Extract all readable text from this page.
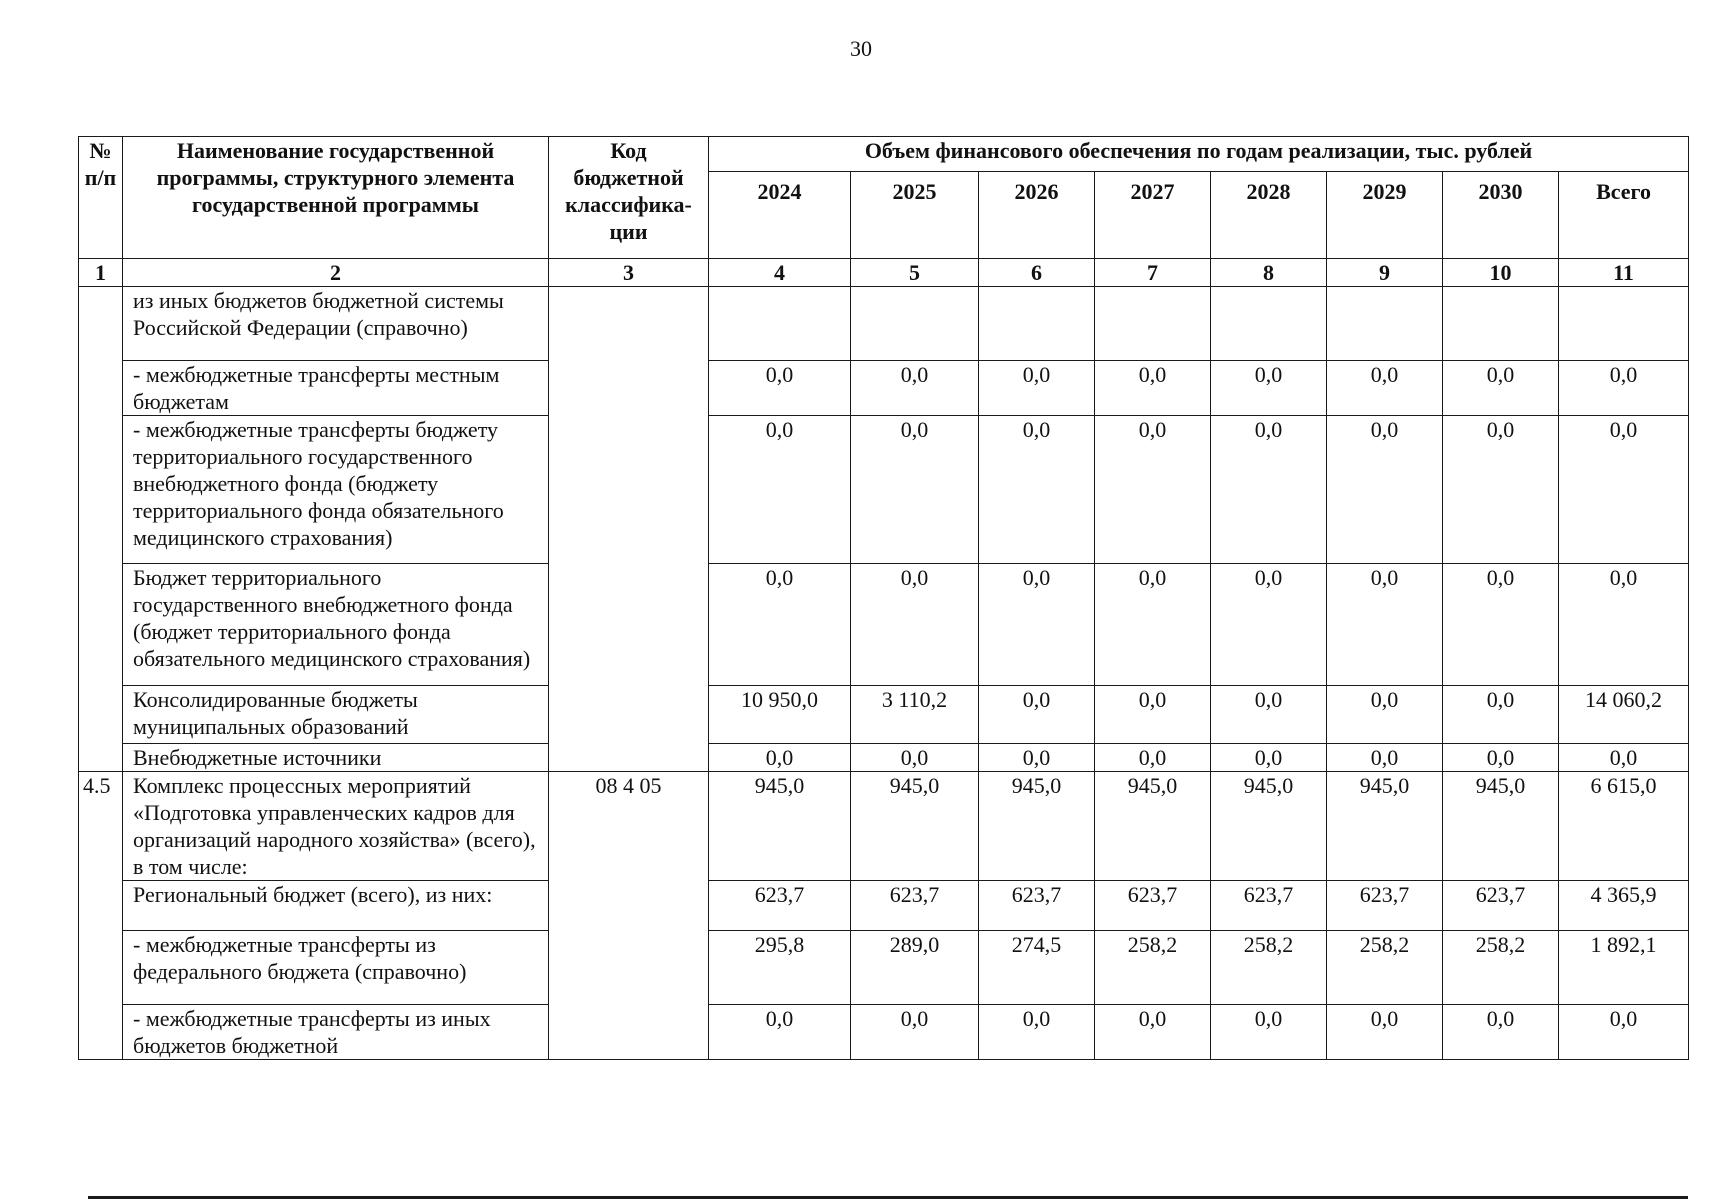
30
№ п/п	Наименование государственной программы, структурного элемента государственной программы	Код бюджетной классифика-ции	Объем финансового обеспечения по годам реализации, тыс. рублей							
			2024	2025	2026	2027	2028	2029	2030	Всего
1	2	3	4	5	6	7	8	9	10	11
	из иных бюджетов бюджетной системы Российской Федерации (справочно)									
	- межбюджетные трансферты местным бюджетам		0,0	0,0	0,0	0,0	0,0	0,0	0,0	0,0
	- межбюджетные трансферты бюджету территориального государственного внебюджетного фонда (бюджету территориального фонда обязательного медицинского страхования)		0,0	0,0	0,0	0,0	0,0	0,0	0,0	0,0
	Бюджет территориального государственного внебюджетного фонда (бюджет территориального фонда обязательного медицинского страхования)		0,0	0,0	0,0	0,0	0,0	0,0	0,0	0,0
	Консолидированные бюджеты муниципальных образований		10 950,0	3 110,2	0,0	0,0	0,0	0,0	0,0	14 060,2
	Внебюджетные источники		0,0	0,0	0,0	0,0	0,0	0,0	0,0	0,0
4.5	Комплекс процессных мероприятий «Подготовка управленческих кадров для организаций народного хозяйства» (всего), в том числе:	08 4 05	945,0	945,0	945,0	945,0	945,0	945,0	945,0	6 615,0
	Региональный бюджет (всего), из них:		623,7	623,7	623,7	623,7	623,7	623,7	623,7	4 365,9
	- межбюджетные трансферты из федерального бюджета (справочно)		295,8	289,0	274,5	258,2	258,2	258,2	258,2	1 892,1
	- межбюджетные трансферты из иных бюджетов бюджетной		0,0	0,0	0,0	0,0	0,0	0,0	0,0	0,0
